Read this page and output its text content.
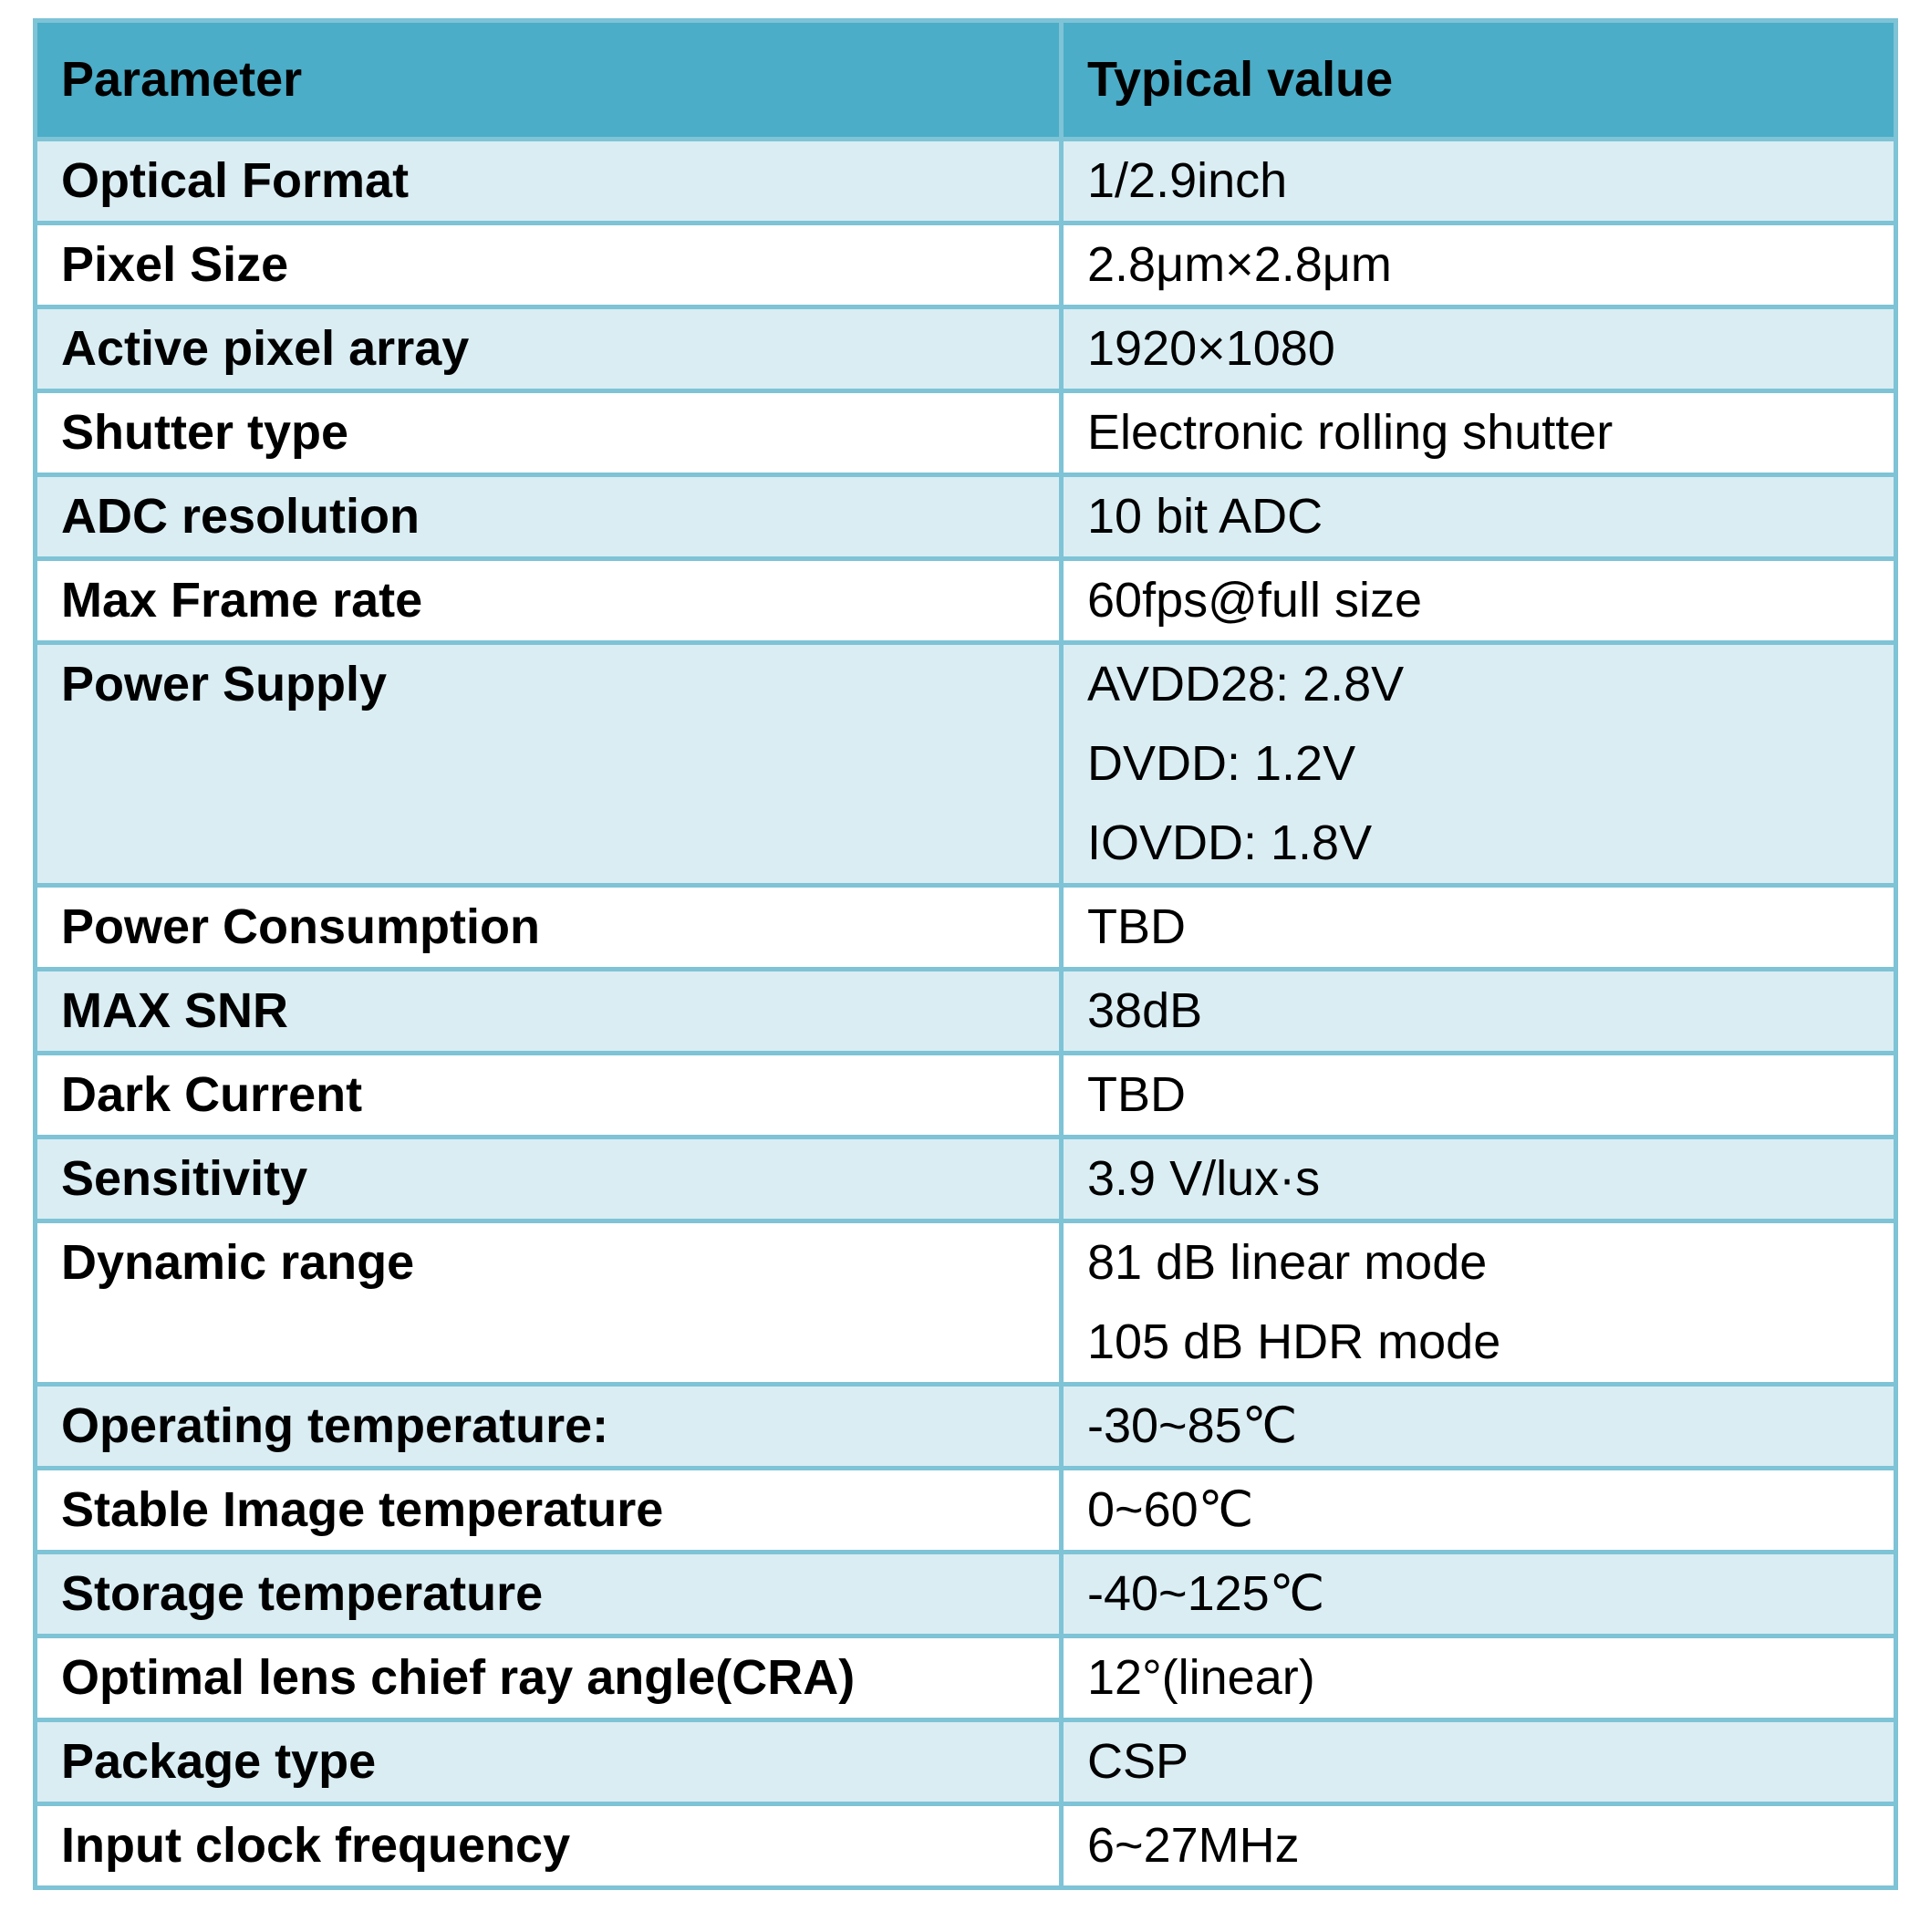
Parameter	Typical value
Optical Format	1/2.9inch

Pixel Size	2.8μm×2.8μm

Active pixel array	1920×1080

Shutter type	Electronic rolling shutter

ADC resolution	10 bit ADC

Max Frame rate	60fps@full size

Power Supply	AVDD28: 2.8V
DVDD: 1.2V
IOVDD: 1.8V

Power Consumption	TBD

MAX SNR	38dB

Dark Current	TBD

Sensitivity	3.9 V/lux·s

Dynamic range	81 dB linear mode
105 dB HDR mode

Operating temperature:	-30~85℃

Stable Image temperature	0~60℃

Storage temperature	-40~125℃

Optimal lens chief ray angle(CRA)	12°(linear)

Package type	CSP

Input clock frequency	6~27MHz
